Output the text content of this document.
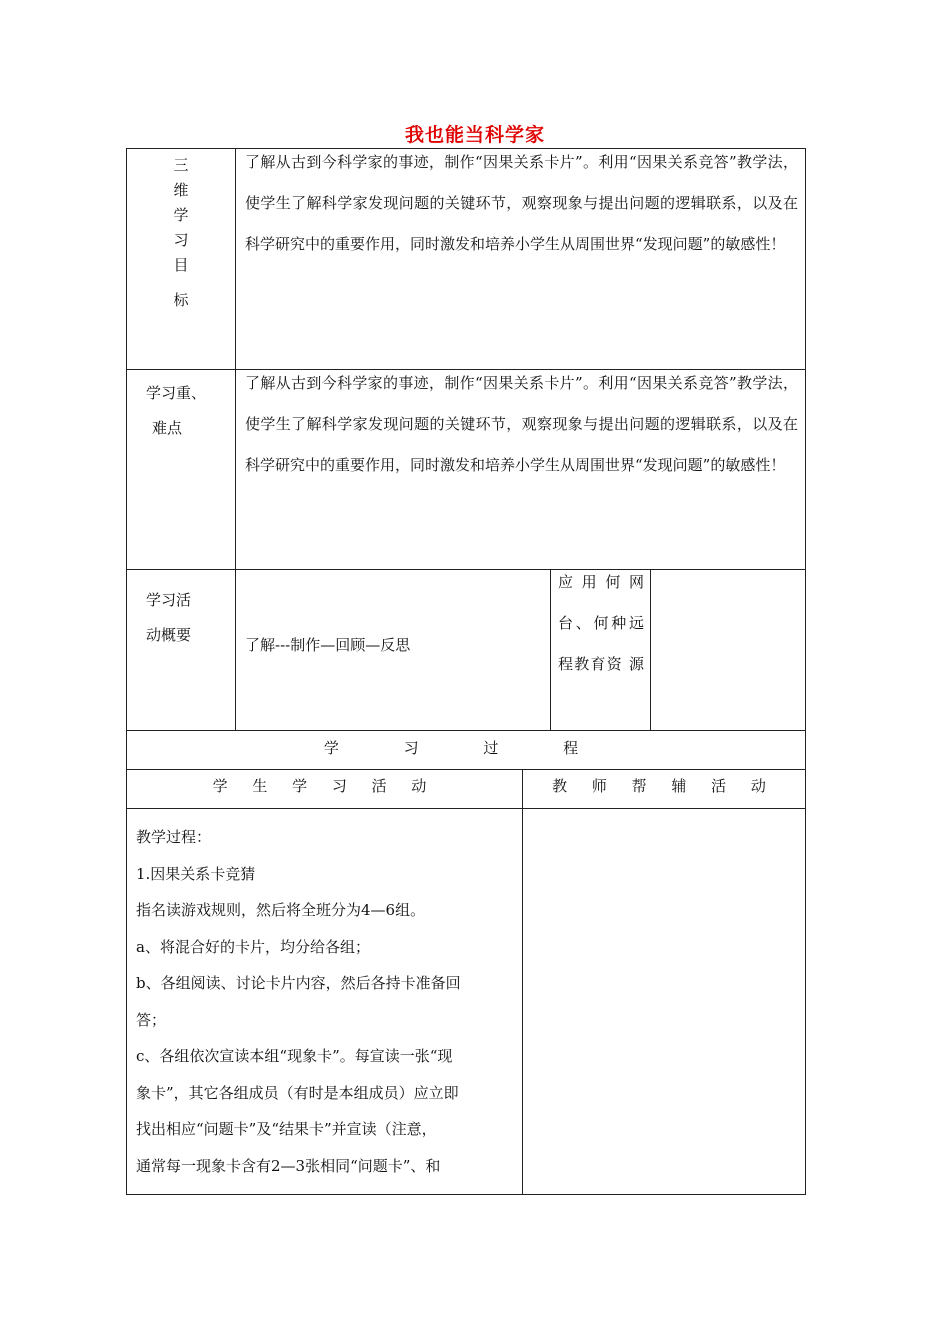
我也能当科学家
三
维
学
习
目
标
了解从古到今科学家的事迹，制作“因果关系卡片”。利用“因果关系竞答”教学法，使学生了解科学家发现问题的关键环节，观察现象与提出问题的逻辑联系，以及在科学研究中的重要作用，同时激发和培养小学生从周围世界“发现问题”的敏感性！
学习重、
难点
了解从古到今科学家的事迹，制作“因果关系卡片”。利用“因果关系竞答”教学法，使学生了解科学家发现问题的关键环节，观察现象与提出问题的逻辑联系，以及在科学研究中的重要作用，同时激发和培养小学生从周围世界“发现问题”的敏感性！
学习活
动概要
了解---制作—回顾—反思
应用何网台、何种远程教育资 源
学 习 过 程
学 生 学 习 活 动	教 师 帮 辅 活 动
教学过程：
1.因果关系卡竞猜
指名读游戏规则，然后将全班分为4—6组。
a、将混合好的卡片，均分给各组；
b、各组阅读、讨论卡片内容，然后各持卡准备回
答；
c、各组依次宣读本组“现象卡”。每宣读一张“现
象卡”，其它各组成员（有时是本组成员）应立即
找出相应“问题卡”及“结果卡”并宣读（注意，
通常每一现象卡含有2—3张相同“问题卡”、和
